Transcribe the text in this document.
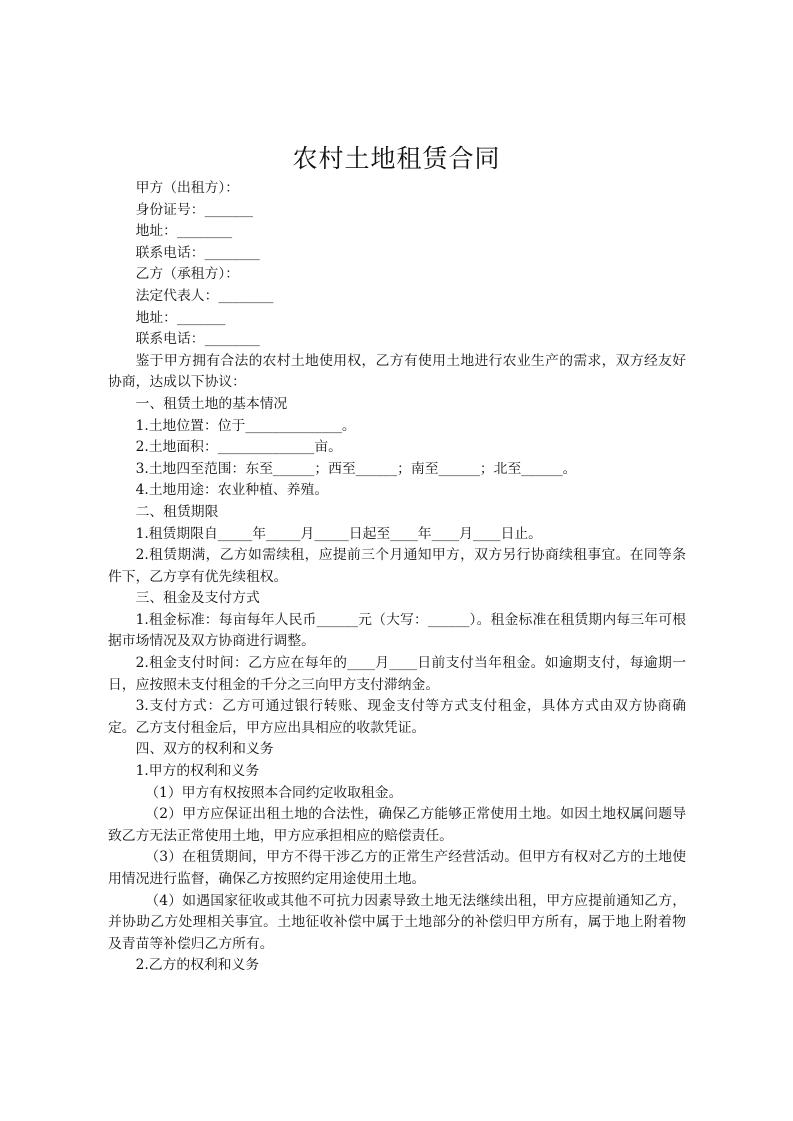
农村土地租赁合同

甲方（出租方）：

身份证号：_______

地址：________

联系电话：________

乙方（承租方）：

法定代表人：________

地址：_______

联系电话：________

鉴于甲方拥有合法的农村土地使用权，乙方有使用土地进行农业生产的需求，双方经友好协商，达成以下协议：

一、租赁土地的基本情况

1.土地位置：位于______________。

2.土地面积：______________亩。

3.土地四至范围：东至______；西至______；南至______；北至______。

4.土地用途：农业种植、养殖。

二、租赁期限

1.租赁期限自_____年_____月_____日起至____年____月____日止。

2.租赁期满，乙方如需续租，应提前三个月通知甲方，双方另行协商续租事宜。在同等条件下，乙方享有优先续租权。

三、租金及支付方式

1.租金标准：每亩每年人民币______元（大写：______）。租金标准在租赁期内每三年可根据市场情况及双方协商进行调整。

2.租金支付时间：乙方应在每年的____月____日前支付当年租金。如逾期支付，每逾期一日，应按照未支付租金的千分之三向甲方支付滞纳金。

3.支付方式：乙方可通过银行转账、现金支付等方式支付租金，具体方式由双方协商确定。乙方支付租金后，甲方应出具相应的收款凭证。

四、双方的权利和义务

1.甲方的权利和义务

（1）甲方有权按照本合同约定收取租金。

（2）甲方应保证出租土地的合法性，确保乙方能够正常使用土地。如因土地权属问题导致乙方无法正常使用土地，甲方应承担相应的赔偿责任。

（3）在租赁期间，甲方不得干涉乙方的正常生产经营活动。但甲方有权对乙方的土地使用情况进行监督，确保乙方按照约定用途使用土地。

（4）如遇国家征收或其他不可抗力因素导致土地无法继续出租，甲方应提前通知乙方，并协助乙方处理相关事宜。土地征收补偿中属于土地部分的补偿归甲方所有，属于地上附着物及青苗等补偿归乙方所有。

2.乙方的权利和义务
